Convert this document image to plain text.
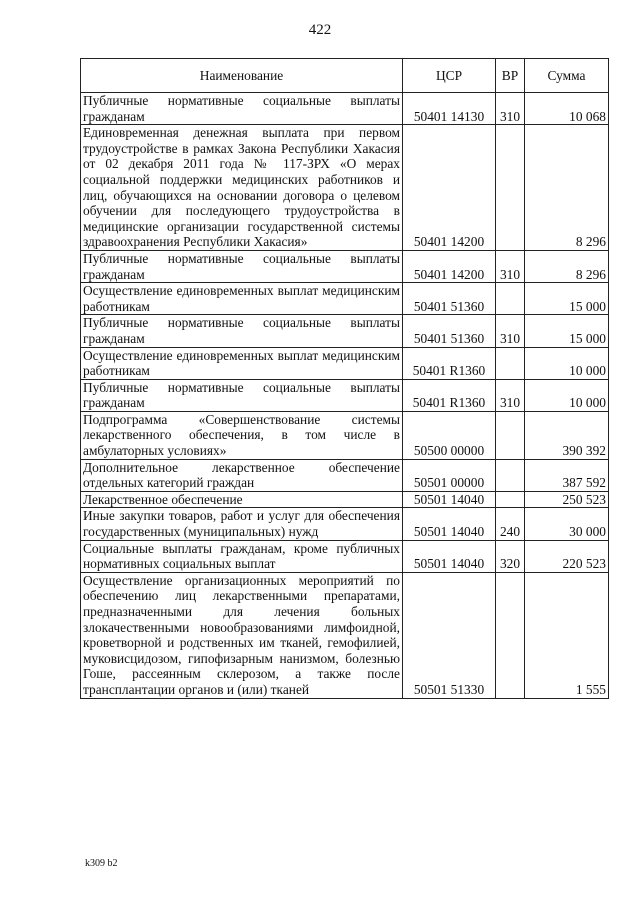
422
Наименование	ЦСР	ВР	Сумма
Публичные нормативные социальные выплаты гражданам	50401 14130	310	10 068
Единовременная денежная выплата при первом трудоустройстве в рамках Закона Республики Хакасия от 02 декабря 2011 года № 117-ЗРХ «О мерах социальной поддержки медицинских работников и лиц, обучающихся на основании договора о целевом обучении для последующего трудоустройства в медицинские организации государственной системы здравоохранения Республики Хакасия»	50401 14200		8 296
Публичные нормативные социальные выплаты гражданам	50401 14200	310	8 296
Осуществление единовременных выплат медицинским работникам	50401 51360		15 000
Публичные нормативные социальные выплаты гражданам	50401 51360	310	15 000
Осуществление единовременных выплат медицинским работникам	50401 R1360		10 000
Публичные нормативные социальные выплаты гражданам	50401 R1360	310	10 000
Подпрограмма «Совершенствование системы лекарственного обеспечения, в том числе в амбулаторных условиях»	50500 00000		390 392
Дополнительное лекарственное обеспечение отдельных категорий граждан	50501 00000		387 592
Лекарственное обеспечение	50501 14040		250 523
Иные закупки товаров, работ и услуг для обеспечения государственных (муниципальных) нужд	50501 14040	240	30 000
Социальные выплаты гражданам, кроме публичных нормативных социальных выплат	50501 14040	320	220 523
Осуществление организационных мероприятий по обеспечению лиц лекарственными препаратами, предназначенными для лечения больных злокачественными новообразованиями лимфоидной, кроветворной и родственных им тканей, гемофилией, муковисцидозом, гипофизарным нанизмом, болезнью Гоше, рассеянным склерозом, а также после трансплантации органов и (или) тканей	50501 51330		1 555
k309 b2
